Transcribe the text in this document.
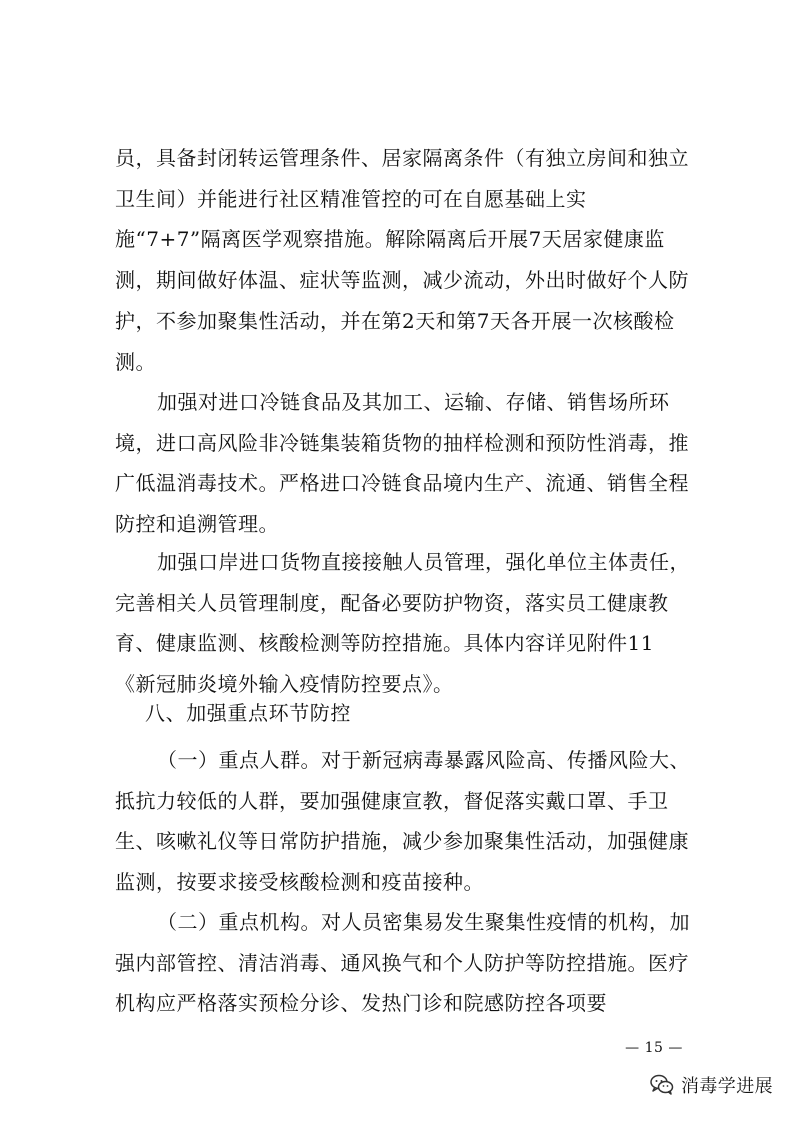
员，具备封闭转运管理条件、居家隔离条件（有独立房间和独立卫生间）并能进行社区精准管控的可在自愿基础上实施“7+7”隔离医学观察措施。解除隔离后开展7天居家健康监测，期间做好体温、症状等监测，减少流动，外出时做好个人防护，不参加聚集性活动，并在第2天和第7天各开展一次核酸检测。

加强对进口冷链食品及其加工、运输、存储、销售场所环境，进口高风险非冷链集装箱货物的抽样检测和预防性消毒，推广低温消毒技术。严格进口冷链食品境内生产、流通、销售全程防控和追溯管理。

加强口岸进口货物直接接触人员管理，强化单位主体责任，完善相关人员管理制度，配备必要防护物资，落实员工健康教育、健康监测、核酸检测等防控措施。具体内容详见附件11《新冠肺炎境外输入疫情防控要点》。

八、加强重点环节防控

（一）重点人群。对于新冠病毒暴露风险高、传播风险大、抵抗力较低的人群，要加强健康宣教，督促落实戴口罩、手卫生、咳嗽礼仪等日常防护措施，减少参加聚集性活动，加强健康监测，按要求接受核酸检测和疫苗接种。

（二）重点机构。对人员密集易发生聚集性疫情的机构，加强内部管控、清洁消毒、通风换气和个人防护等防控措施。医疗机构应严格落实预检分诊、发热门诊和院感防控各项要

— 15 —
消毒学进展
